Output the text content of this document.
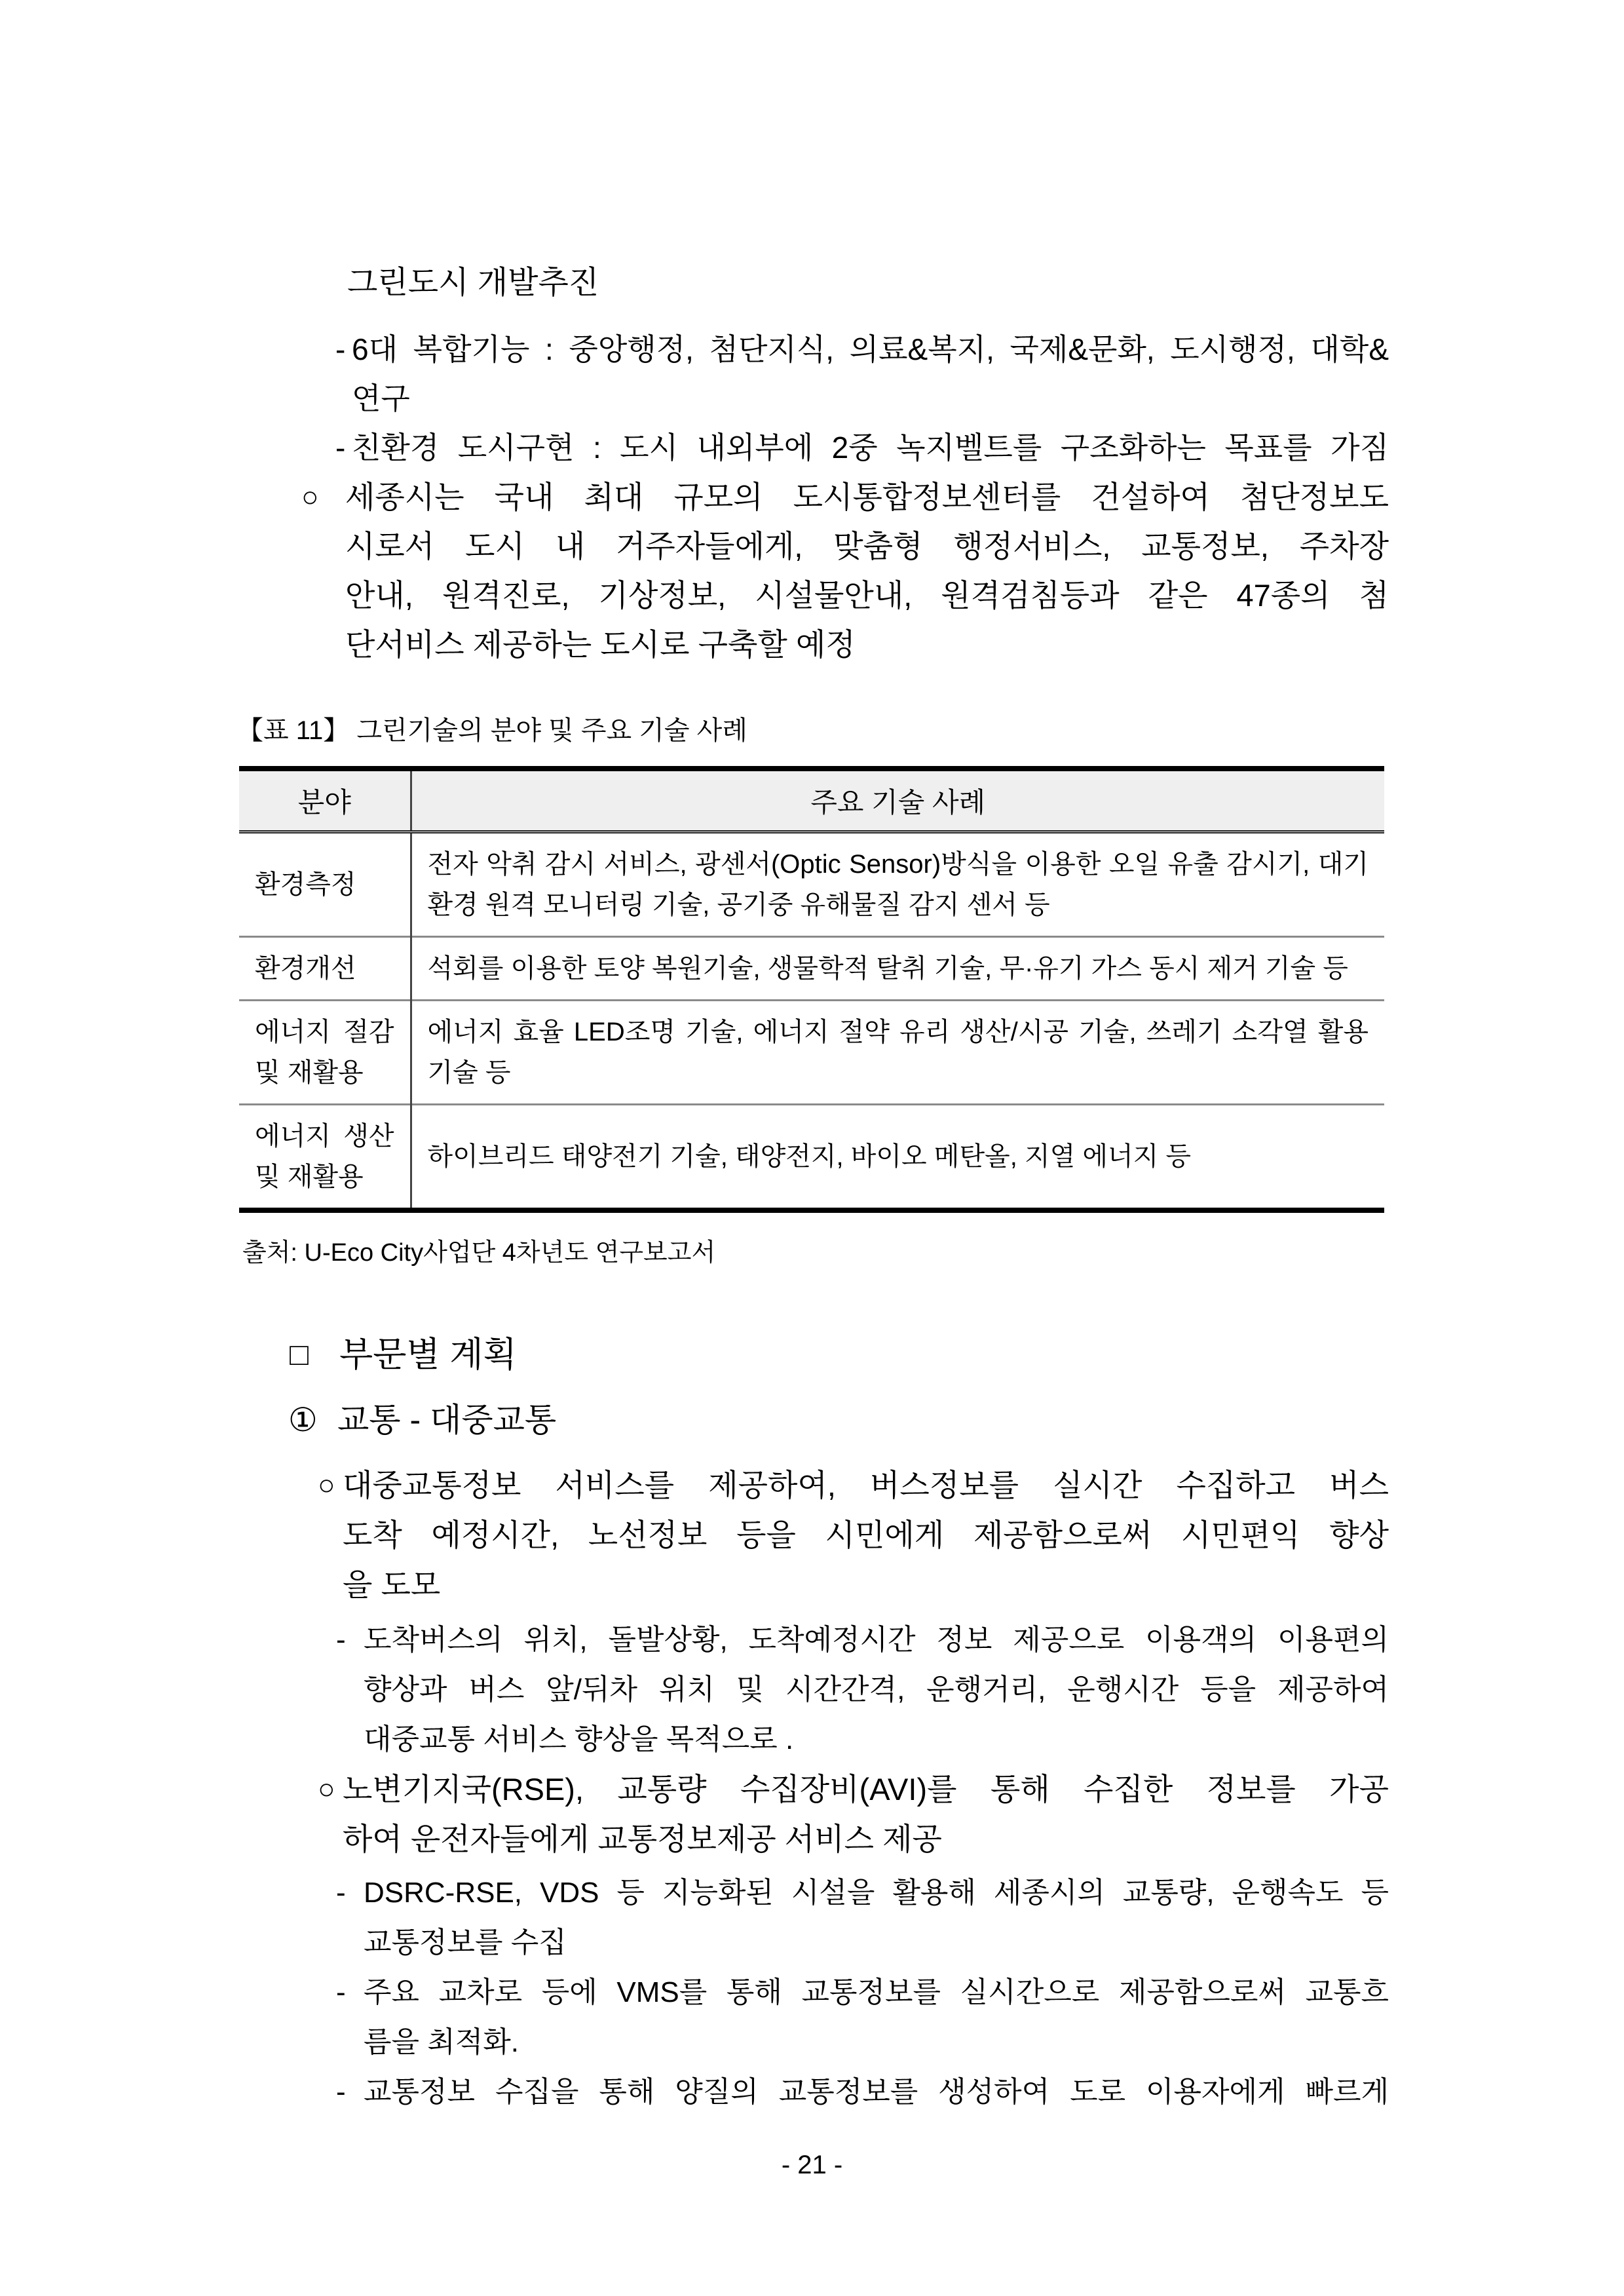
그린도시 개발추진

- 6대 복합기능 : 중앙행정, 첨단지식, 의료&복지, 국제&문화, 도시행정, 대학&
연구
- 친환경 도시구현 : 도시 내외부에 2중 녹지벨트를 구조화하는 목표를 가짐
○ 세종시는 국내 최대 규모의 도시통합정보센터를 건설하여 첨단정보도
시로서 도시 내 거주자들에게, 맞춤형 행정서비스, 교통정보, 주차장
안내, 원격진로, 기상정보, 시설물안내, 원격검침등과 같은 47종의 첨
단서비스 제공하는 도시로 구축할 예정

【표 11】 그린기술의 분야 및 주요 기술 사례

분야	주요 기술 사례
환경측정	전자 악취 감시 서비스, 광센서(Optic Sensor)방식을 이용한 오일 유출 감시기, 대기 환경 원격 모니터링 기술, 공기중 유해물질 감지 센서 등
환경개선	석회를 이용한 토양 복원기술, 생물학적 탈취 기술, 무·유기 가스 동시 제거 기술 등
에너지 절감 및 재활용	에너지 효율 LED조명 기술, 에너지 절약 유리 생산/시공 기술, 쓰레기 소각열 활용 기술 등
에너지 생산 및 재활용	하이브리드 태양전기 기술, 태양전지, 바이오 메탄올, 지열 에너지 등

출처: U-Eco City사업단 4차년도 연구보고서

□ 부문별 계획
① 교통 - 대중교통
○ 대중교통정보 서비스를 제공하여, 버스정보를 실시간 수집하고 버스
도착 예정시간, 노선정보 등을 시민에게 제공함으로써 시민편익 향상
을 도모
- 도착버스의 위치, 돌발상황, 도착예정시간 정보 제공으로 이용객의 이용편의
향상과 버스 앞/뒤차 위치 및 시간간격, 운행거리, 운행시간 등을 제공하여
대중교통 서비스 향상을 목적으로 .
○ 노변기지국(RSE), 교통량 수집장비(AVI)를 통해 수집한 정보를 가공
하여 운전자들에게 교통정보제공 서비스 제공
- DSRC-RSE, VDS 등 지능화된 시설을 활용해 세종시의 교통량, 운행속도 등
교통정보를 수집
- 주요 교차로 등에 VMS를 통해 교통정보를 실시간으로 제공함으로써 교통흐
름을 최적화.
- 교통정보 수집을 통해 양질의 교통정보를 생성하여 도로 이용자에게 빠르게
- 21 -
